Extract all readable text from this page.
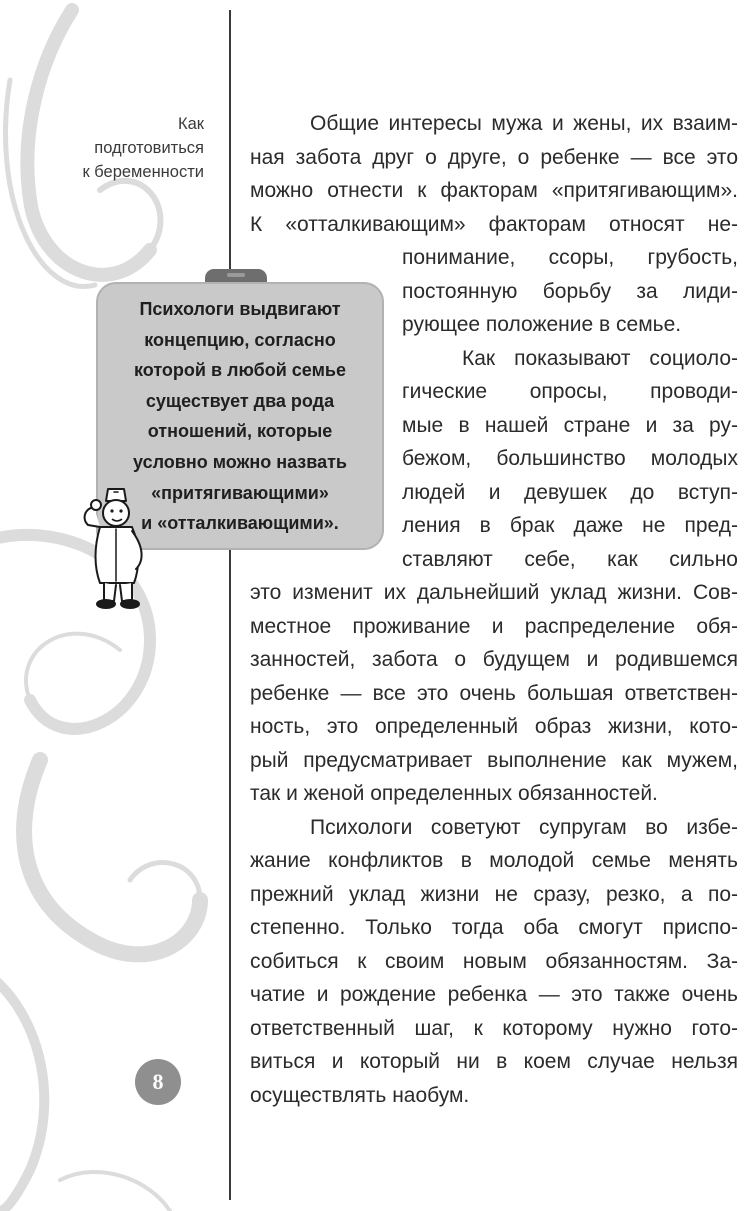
Как
подготовиться
к беременности
Психологи выдвигают
концепцию, согласно
которой в любой семье
существует два рода
отношений, которые
условно можно назвать
«притягивающими»
и «отталкивающими».
8
Общие интересы мужа и жены, их взаим-
ная забота друг о друге, о ребенке — все это
можно отнести к факторам «притягивающим».
К «отталкивающим» факторам относят не-
понимание, ссоры, грубость,
постоянную борьбу за лиди-
рующее положение в семье.
Как показывают социоло-
гические опросы, проводи-
мые в нашей стране и за ру-
бежом, большинство молодых
людей и девушек до вступ-
ления в брак даже не пред-
ставляют себе, как сильно
это изменит их дальнейший уклад жизни. Сов-
местное проживание и распределение обя-
занностей, забота о будущем и родившемся
ребенке — все это очень большая ответствен-
ность, это определенный образ жизни, кото-
рый предусматривает выполнение как мужем,
так и женой определенных обязанностей.
Психологи советуют супругам во избе-
жание конфликтов в молодой семье менять
прежний уклад жизни не сразу, резко, а по-
степенно. Только тогда оба смогут приспо-
собиться к своим новым обязанностям. За-
чатие и рождение ребенка — это также очень
ответственный шаг, к которому нужно гото-
виться и который ни в коем случае нельзя
осуществлять наобум.
